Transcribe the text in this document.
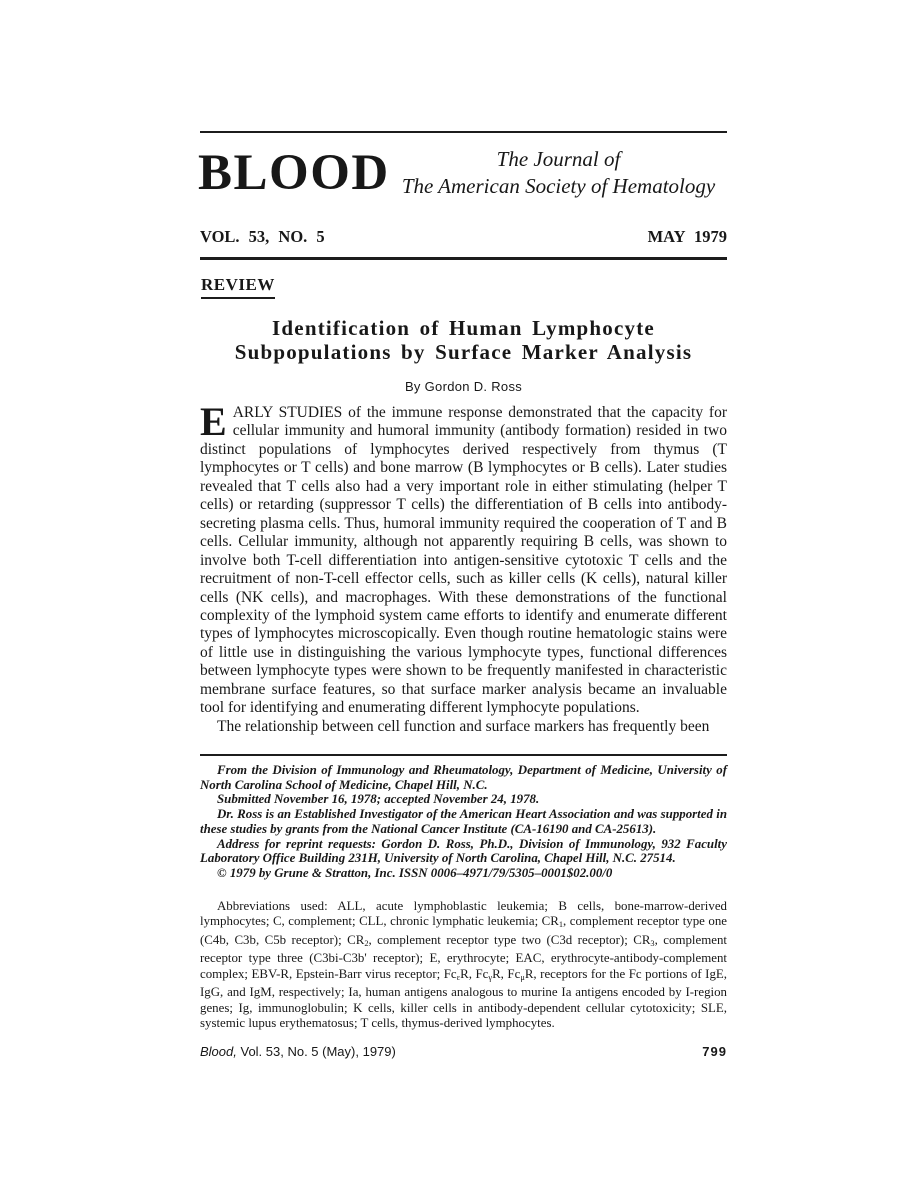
BLOOD	The Journal of
The American Society of Hematology
VOL. 53, NO. 5	MAY 1979
REVIEW
Identification of Human Lymphocyte
Subpopulations by Surface Marker Analysis
By Gordon D. Ross

EARLY STUDIES of the immune response demonstrated that the capacity for cellular immunity and humoral immunity (antibody formation) resided in two distinct populations of lymphocytes derived respectively from thymus (T lymphocytes or T cells) and bone marrow (B lymphocytes or B cells). Later studies revealed that T cells also had a very important role in either stimulating (helper T cells) or retarding (suppressor T cells) the differentiation of B cells into antibody-secreting plasma cells. Thus, humoral immunity required the cooperation of T and B cells. Cellular immunity, although not apparently requiring B cells, was shown to involve both T-cell differentiation into antigen-sensitive cytotoxic T cells and the recruitment of non-T-cell effector cells, such as killer cells (K cells), natural killer cells (NK cells), and macrophages. With these demonstrations of the functional complexity of the lymphoid system came efforts to identify and enumerate different types of lymphocytes microscopically. Even though routine hematologic stains were of little use in distinguishing the various lymphocyte types, functional differences between lymphocyte types were shown to be frequently manifested in characteristic membrane surface features, so that surface marker analysis became an invaluable tool for identifying and enumerating different lymphocyte populations.

The relationship between cell function and surface markers has frequently been

From the Division of Immunology and Rheumatology, Department of Medicine, University of North Carolina School of Medicine, Chapel Hill, N.C.

Submitted November 16, 1978; accepted November 24, 1978.

Dr. Ross is an Established Investigator of the American Heart Association and was supported in these studies by grants from the National Cancer Institute (CA-16190 and CA-25613).

Address for reprint requests: Gordon D. Ross, Ph.D., Division of Immunology, 932 Faculty Laboratory Office Building 231H, University of North Carolina, Chapel Hill, N.C. 27514.

© 1979 by Grune & Stratton, Inc. ISSN 0006–4971/79/5305–0001$02.00/0

Abbreviations used: ALL, acute lymphoblastic leukemia; B cells, bone-marrow-derived lymphocytes; C, complement; CLL, chronic lymphatic leukemia; $CR_1$, complement receptor type one (C4b, C3b, C5b receptor); $CR_2$, complement receptor type two (C3d receptor); $CR_3$, complement receptor type three (C3bi-C3b' receptor); E, erythrocyte; EAC, erythrocyte-antibody-complement complex; EBV-R, Epstein-Barr virus receptor; $Fc_\varepsilon R$, $Fc_\gamma R$, $Fc_\mu R$, receptors for the Fc portions of IgE, IgG, and IgM, respectively; Ia, human antigens analogous to murine Ia antigens encoded by I-region genes; Ig, immunoglobulin; K cells, killer cells in antibody-dependent cellular cytotoxicity; SLE, systemic lupus erythematosus; T cells, thymus-derived lymphocytes.

Blood, Vol. 53, No. 5 (May), 1979)	799
